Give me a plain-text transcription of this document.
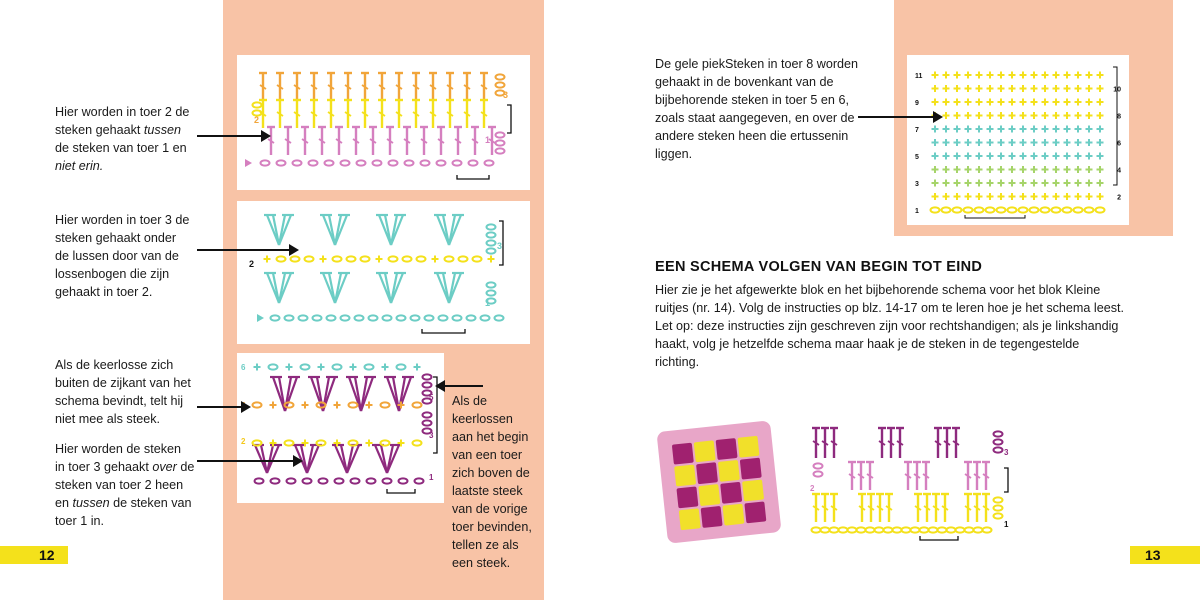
1
2
3
1
2
3
1
2
3
5
6
Hier worden in toer 2 de
steken gehaakt tussen
de steken van toer 1 en
niet erin.
Hier worden in toer 3 de
steken gehaakt onder
de lussen door van de
lossenbogen die zijn
gehaakt in toer 2.
Als de keerlosse zich
buiten de zijkant van het
schema bevindt, telt hij
niet mee als steek.
Hier worden de steken
in toer 3 gehaakt over de
steken van toer 2 heen
en tussen de steken van
toer 1 in.
Als de
keerlossen
aan het begin
van een toer
zich boven de
laatste steek
van de vorige
toer bevinden,
tellen ze als
een steek.
12
1
2
3
4
5
6
7
8
9
10
11
De gele piekSteken in toer 8 worden
gehaakt in de bovenkant van de
bijbehorende steken in toer 5 en 6,
zoals staat aangegeven, en over de
andere steken heen die ertussenin
liggen.
EEN SCHEMA VOLGEN VAN BEGIN TOT EIND
Hier zie je het afgewerkte blok en het bijbehorende schema voor het blok Kleine
ruitjes (nr. 14). Volg de instructies op blz. 14-17 om te leren hoe je het schema leest.
Let op: deze instructies zijn geschreven zijn voor rechtshandigen; als je linkshandig
haakt, volg je hetzelfde schema maar haak je de steken in de tegengestelde
richting.
1
2
3
13
